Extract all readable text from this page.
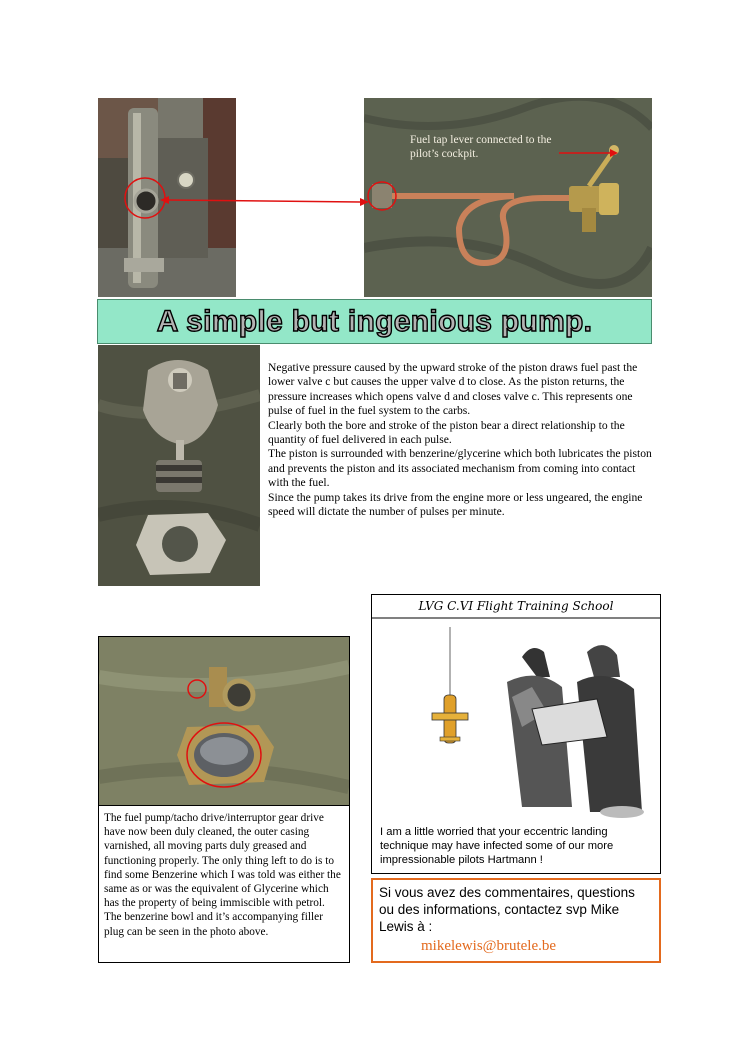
Fuel tap lever connected to the pilot’s cockpit.
A simple but ingenious pump.

Negative pressure caused by the upward stroke of the piston draws fuel past the lower valve c but causes the upper valve d to close. As the piston returns, the pressure increases which opens valve d and closes valve c. This represents one pulse of fuel in the fuel system to the carbs.

Clearly both the bore and stroke of the piston bear a direct relationship to the quantity of fuel delivered in each pulse.

The piston is surrounded with benzerine/glycerine which both lubricates the piston and prevents the piston and its associated mechanism from coming into contact with the fuel.

Since the pump takes its drive from the engine more or less ungeared, the engine speed will dictate the number of pulses per minute.

The fuel pump/tacho drive/interruptor gear drive have now been duly cleaned, the outer casing varnished, all moving parts duly greased and functioning properly. The only thing left to do is to find some Benzerine which I was told was either the same as or was the equivalent of Glycerine which has the property of being immiscible with petrol. The benzerine bowl and it’s accompanying filler plug can be seen in the photo above.
LVG C.VI Flight Training School
I am a little worried that your eccentric landing technique may have infected some of our more impressionable pilots Hartmann !
Si vous avez des commentaires, questions ou des informations, contactez svp Mike Lewis à :
mikelewis@brutele.be
